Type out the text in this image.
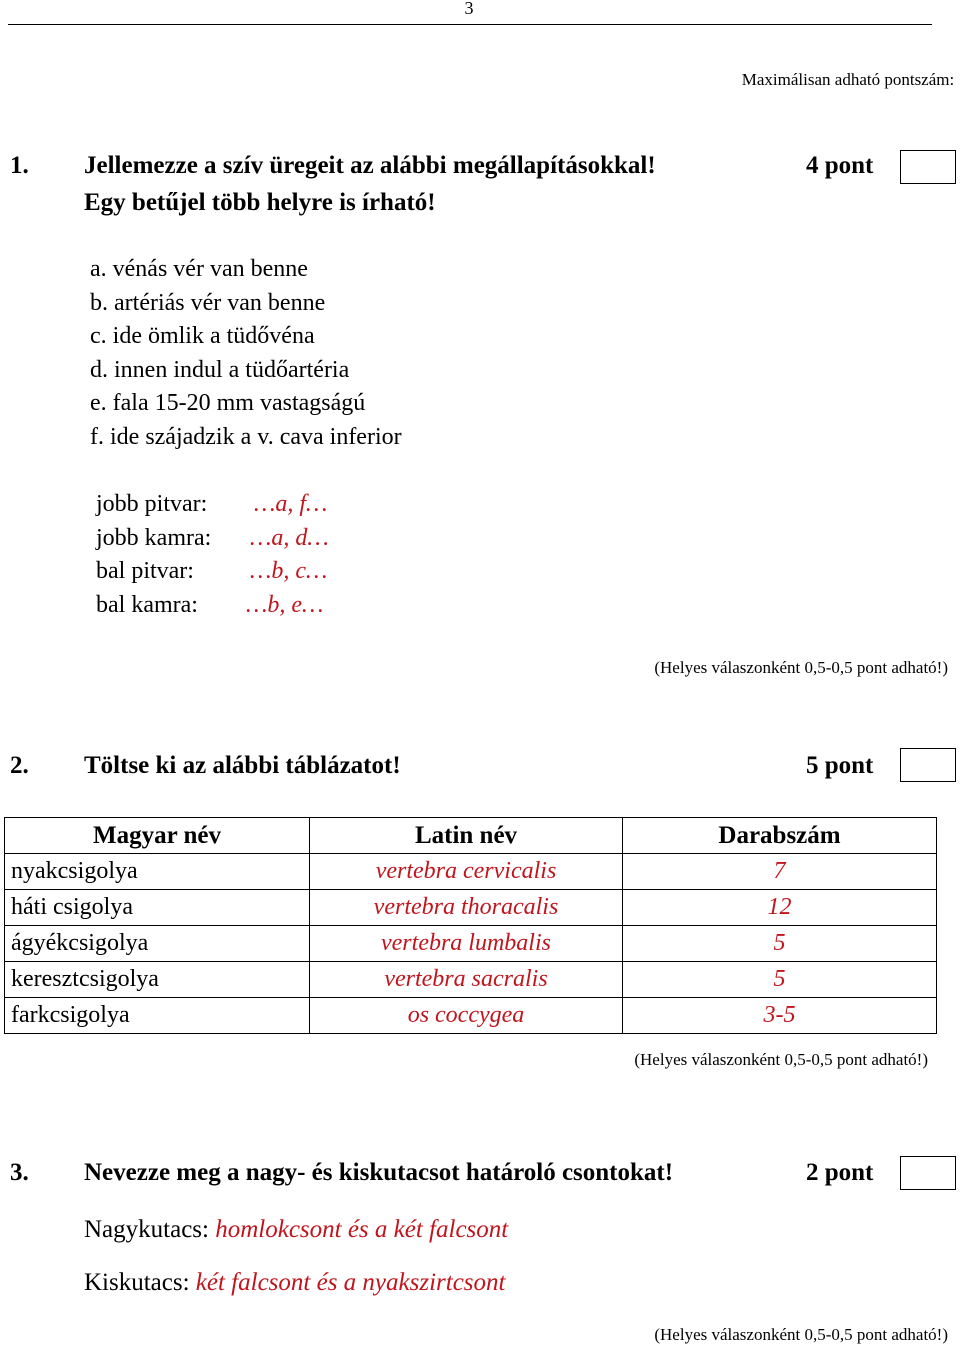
3
Maximálisan adható pontszám:
1. Jellemezze a szív üregeit az alábbi megállapításokkal!	4 pont
Egy betűjel több helyre is írható!
a. vénás vér van benne
b. artériás vér van benne
c. ide ömlik a tüdővéna
d. innen indul a tüdőartéria
e. fala 15-20 mm vastagságú
f. ide szájadzik a v. cava inferior
jobb pitvar: …a, f…
jobb kamra: …a, d…
bal pitvar: …b, c…
bal kamra: …b, e…
(Helyes válaszonként 0,5-0,5 pont adható!)
2. Töltse ki az alábbi táblázatot!	5 pont
Magyar név	Latin név	Darabszám
nyakcsigolya	vertebra cervicalis	7
háti csigolya	vertebra thoracalis	12
ágyékcsigolya	vertebra lumbalis	5
keresztcsigolya	vertebra sacralis	5
farkcsigolya	os coccygea	3-5
(Helyes válaszonként 0,5-0,5 pont adható!)
3. Nevezze meg a nagy- és kiskutacsot határoló csontokat!	2 pont
Nagykutacs: homlokcsont és a két falcsont
Kiskutacs: két falcsont és a nyakszirtcsont
(Helyes válaszonként 0,5-0,5 pont adható!)
